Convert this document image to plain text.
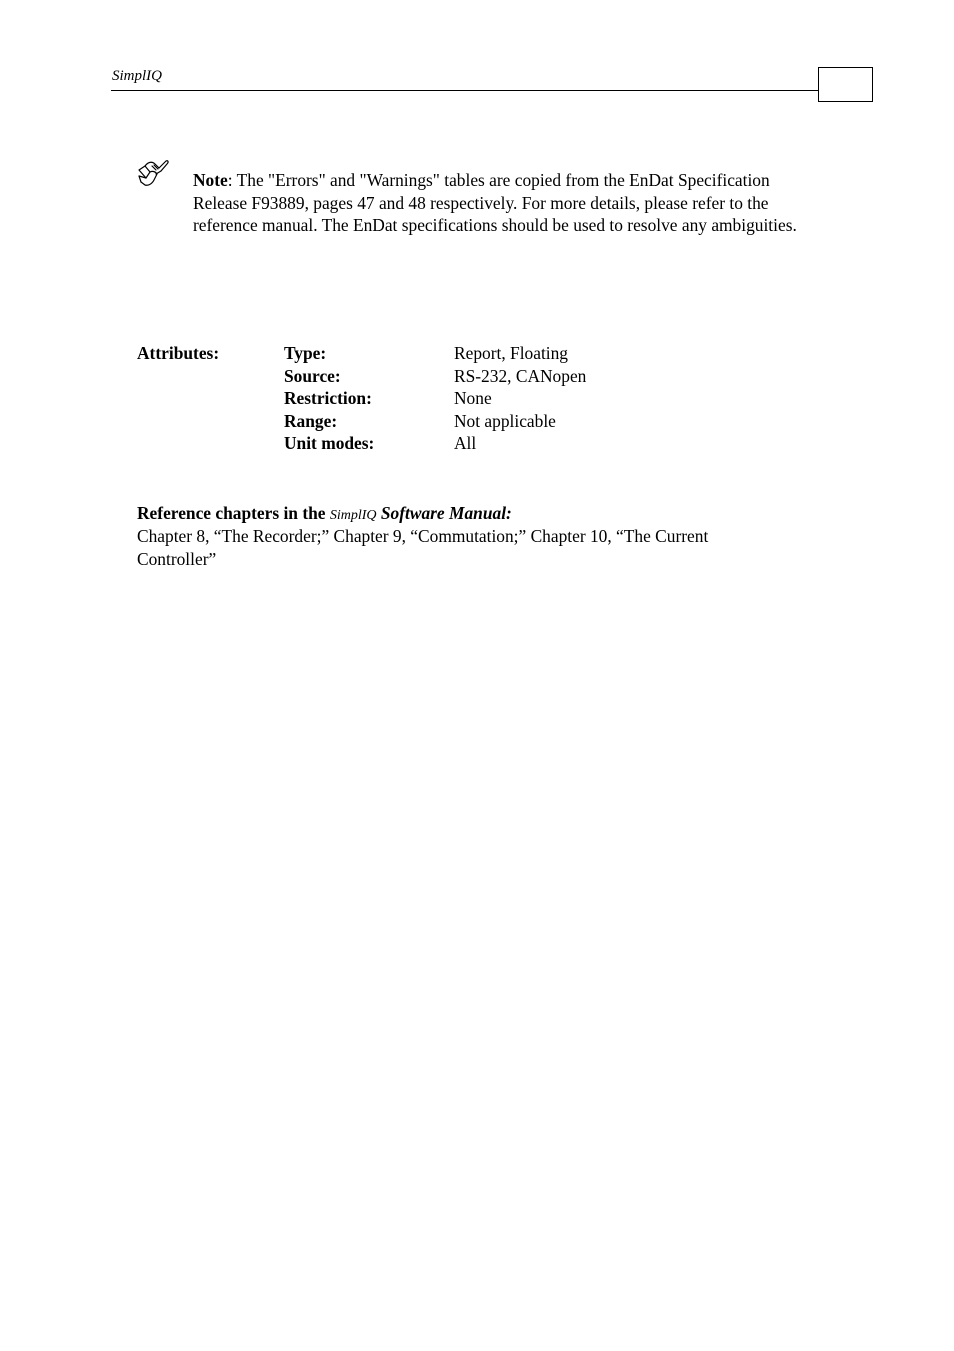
SimplIQ
Note: The "Errors" and "Warnings" tables are copied from the EnDat Specification Release F93889, pages 47 and 48 respectively. For more details, please refer to the reference manual. The EnDat specifications should be used to resolve any ambiguities.
Attributes:	Type:
Source:
Restriction:
Range:
Unit modes:
Report, Floating
RS-232, CANopen
None
Not applicable
All
Reference chapters in the SimplIQ Software Manual:
Chapter 8, “The Recorder;” Chapter 9, “Commutation;” Chapter 10, “The Current Controller”
